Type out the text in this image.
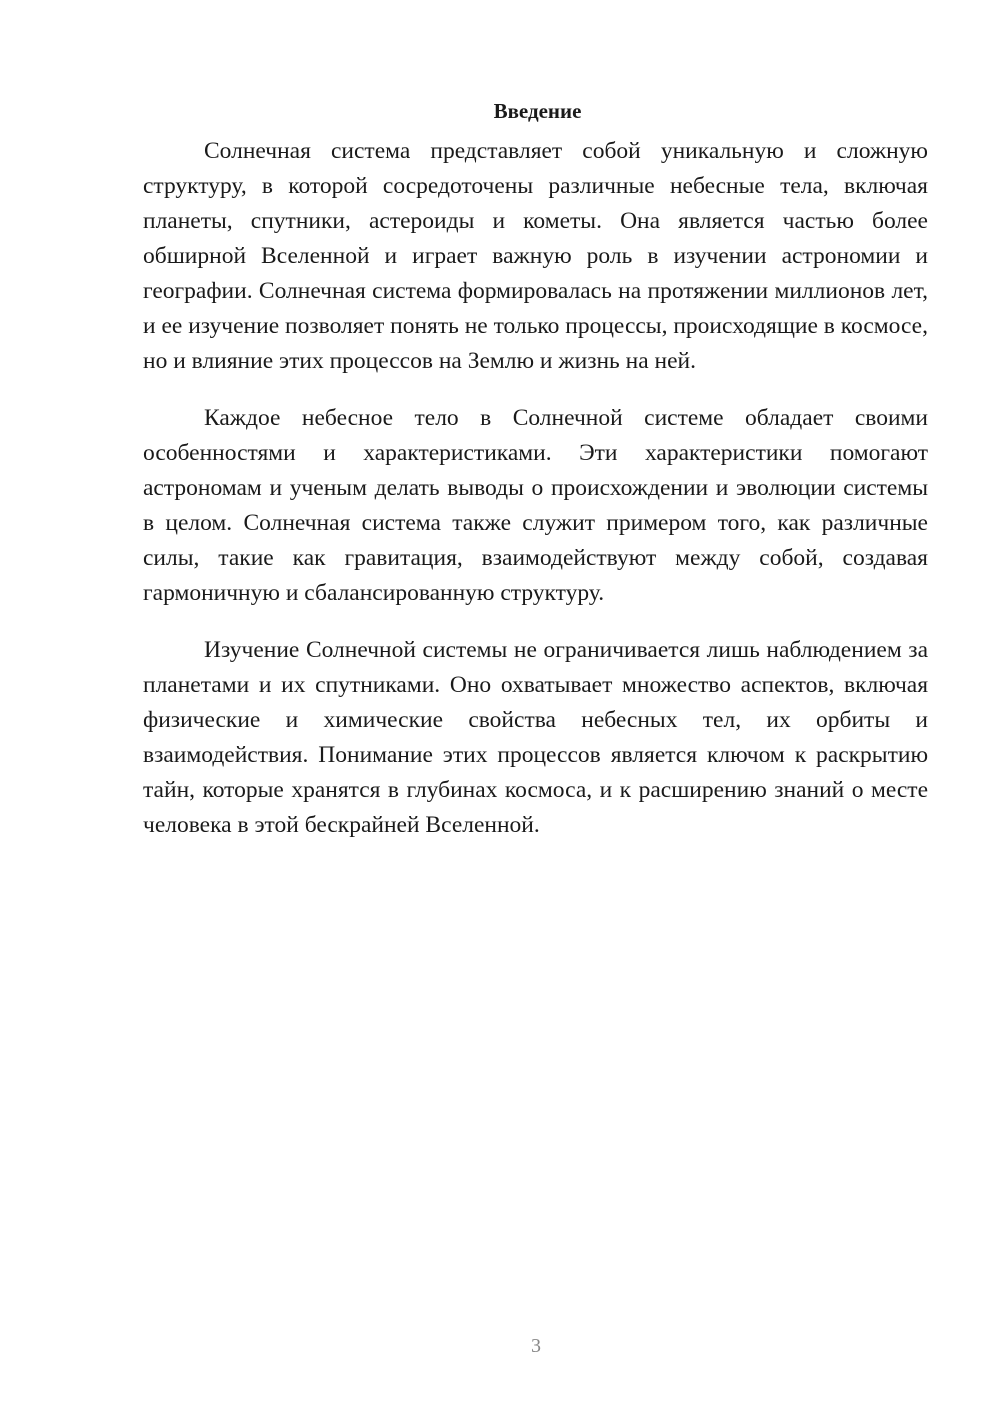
Введение

Солнечная система представляет собой уникальную и сложную структуру, в которой сосредоточены различные небесные тела, включая планеты, спутники, астероиды и кометы. Она является частью более обширной Вселенной и играет важную роль в изучении астрономии и географии. Солнечная система формировалась на протяжении миллионов лет, и ее изучение позволяет понять не только процессы, происходящие в космосе, но и влияние этих процессов на Землю и жизнь на ней.

Каждое небесное тело в Солнечной системе обладает своими особенностями и характеристиками. Эти характеристики помогают астрономам и ученым делать выводы о происхождении и эволюции системы в целом. Солнечная система также служит примером того, как различные силы, такие как гравитация, взаимодействуют между собой, создавая гармоничную и сбалансированную структуру.

Изучение Солнечной системы не ограничивается лишь наблюдением за планетами и их спутниками. Оно охватывает множество аспектов, включая физические и химические свойства небесных тел, их орбиты и взаимодействия. Понимание этих процессов является ключом к раскрытию тайн, которые хранятся в глубинах космоса, и к расширению знаний о месте человека в этой бескрайней Вселенной.

3
